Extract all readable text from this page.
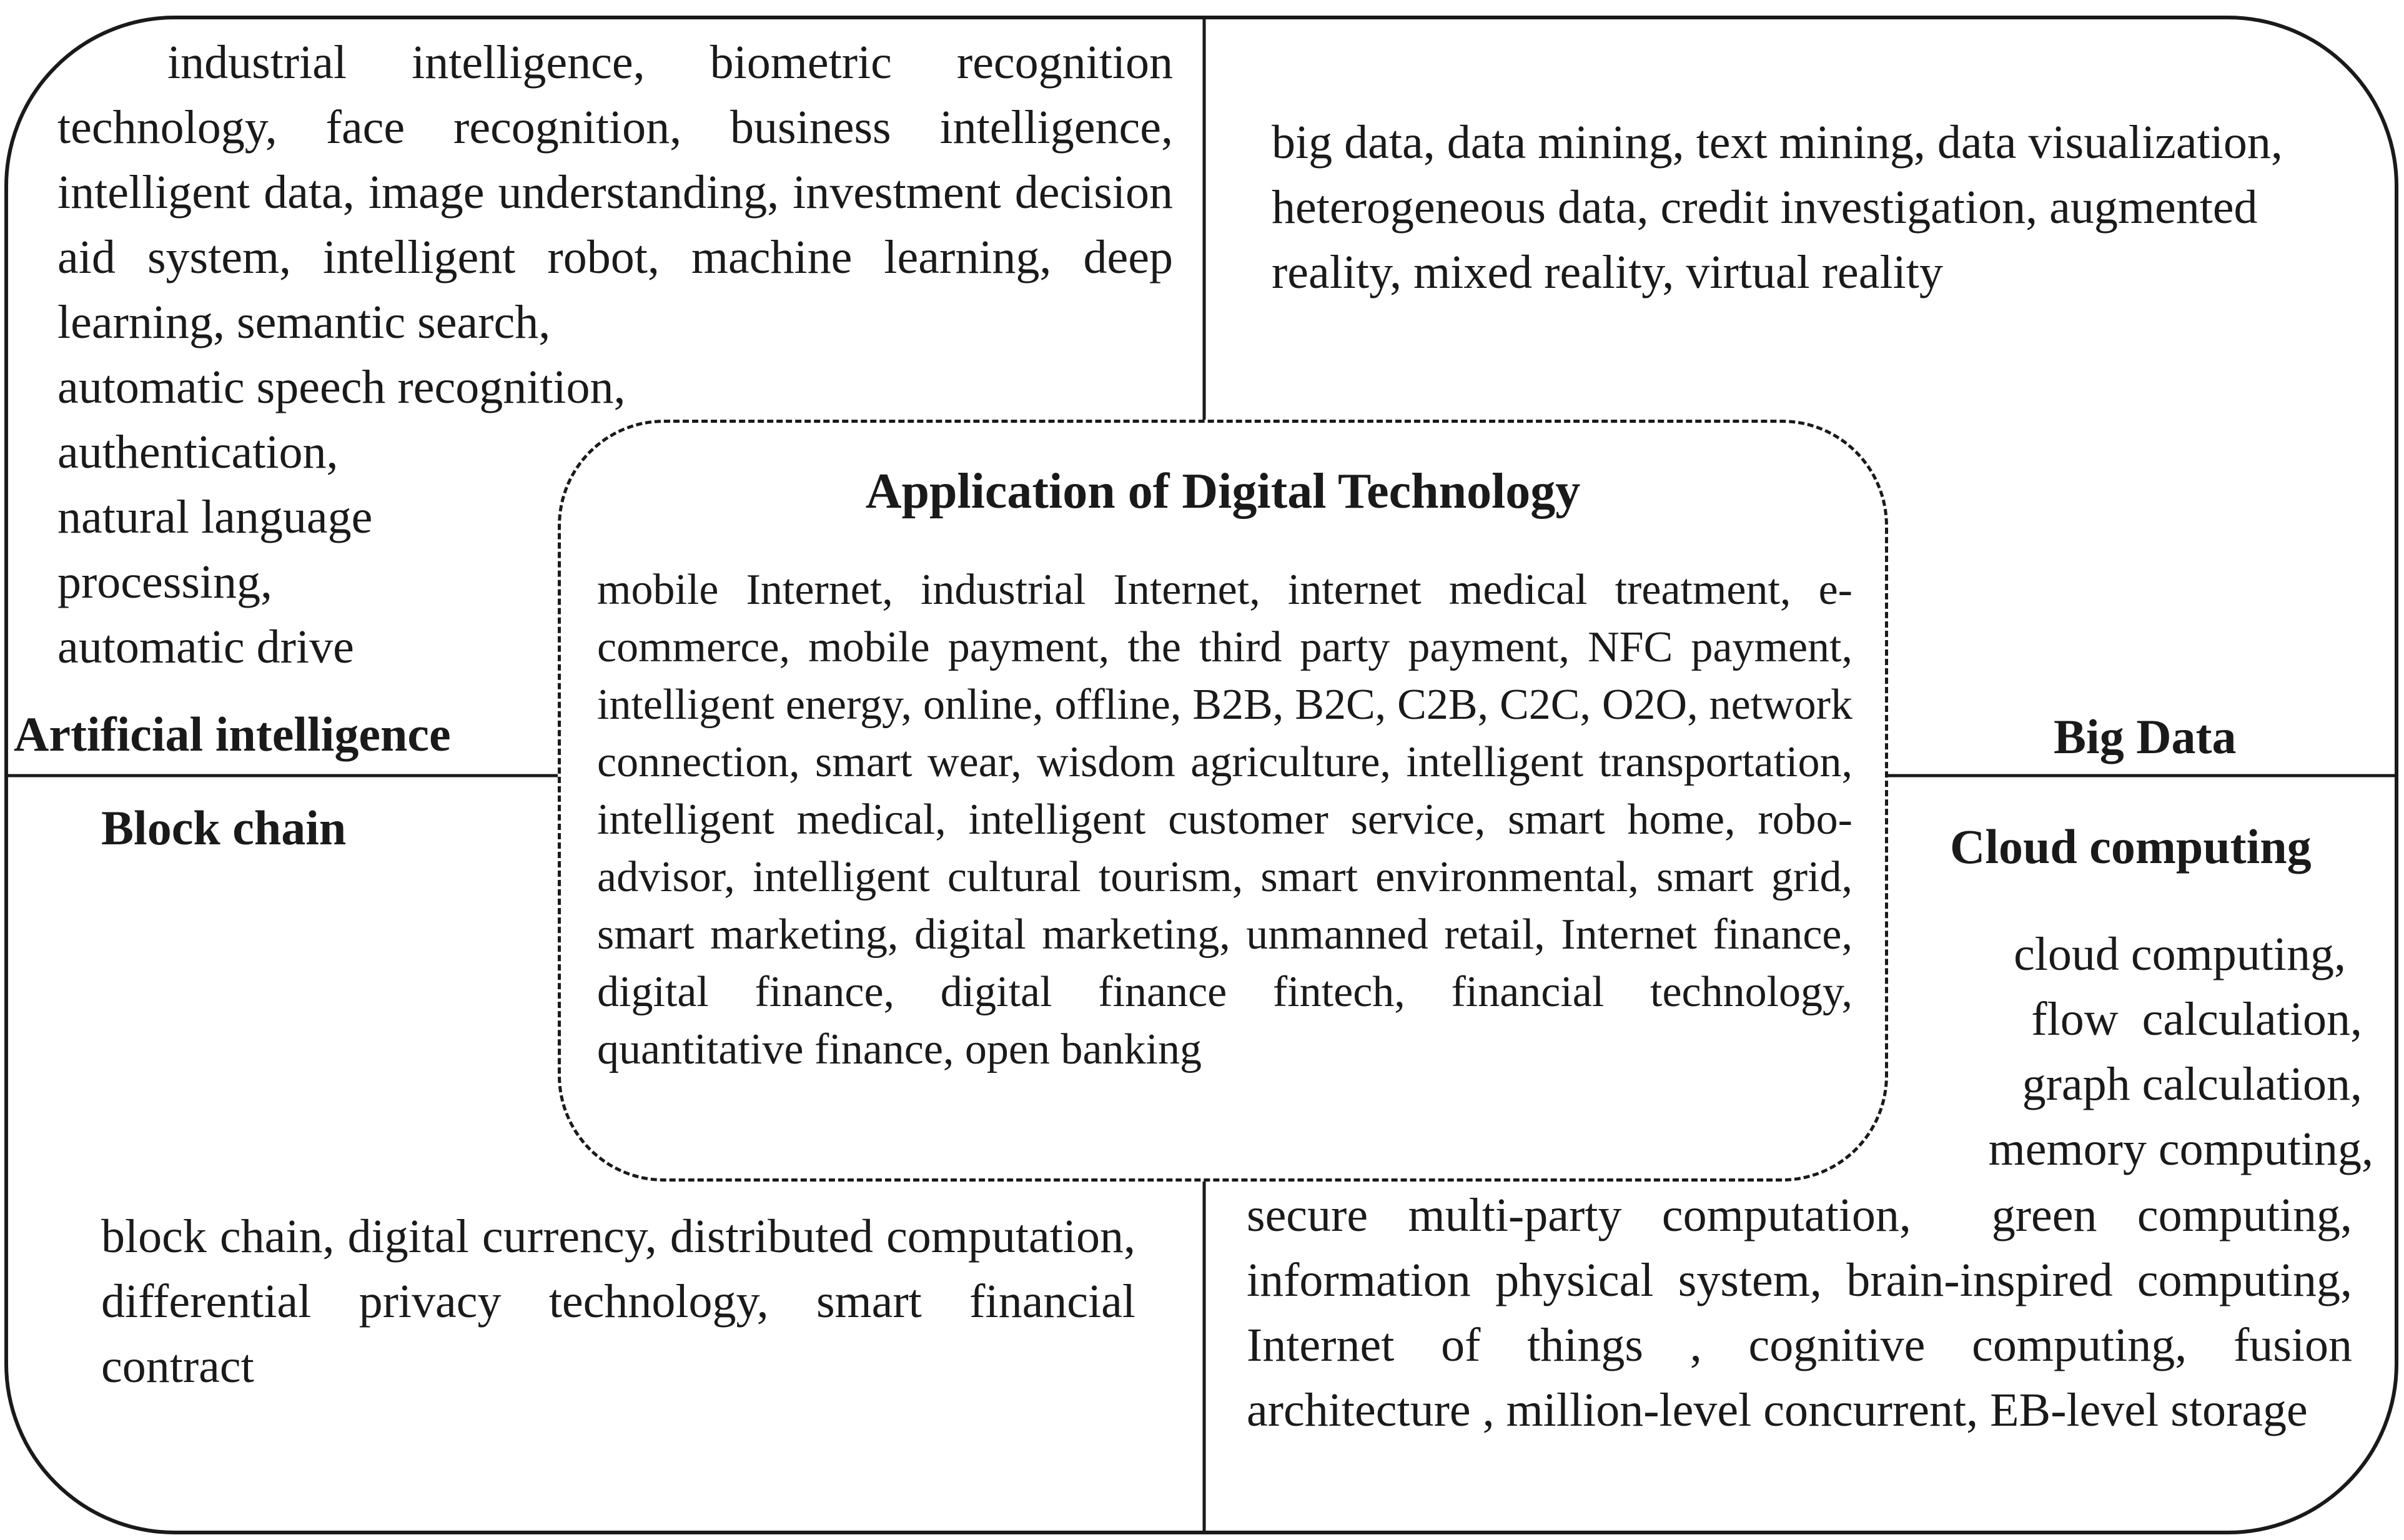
industrial intelligence, biometric recognition technology, face recognition, business intelligence, intelligent data, image understanding, investment decision aid system, intelligent robot, machine learning, deep learning, semantic search,
automatic speech recognition,
authentication,
natural language
processing,
automatic drive
Artificial intelligence
big data, data mining, text mining, data visualization, heterogeneous data, credit investigation, augmented reality, mixed reality, virtual reality
Big Data
Block chain
block chain, digital currency, distributed computation, differential privacy technology, smart financial contract
Cloud computing
cloud computing,
flow  calculation,
graph calculation,
memory computing,
secure multi-party computation,  green computing, information physical system, brain-inspired computing, Internet of things , cognitive computing, fusion architecture , million-level concurrent, EB-level storage
Application of Digital Technology
mobile Internet, industrial Internet, internet medical treatment, e-commerce, mobile payment, the third party payment, NFC payment, intelligent energy, online, offline, B2B, B2C, C2B, C2C, O2O, network connection, smart wear, wisdom agriculture, intelligent transportation, intelligent medical, intelligent customer service, smart home, robo-advisor, intelligent cultural tourism, smart environmental, smart grid, smart marketing, digital marketing, unmanned retail, Internet finance, digital finance, digital finance fintech, financial technology, quantitative finance, open banking
